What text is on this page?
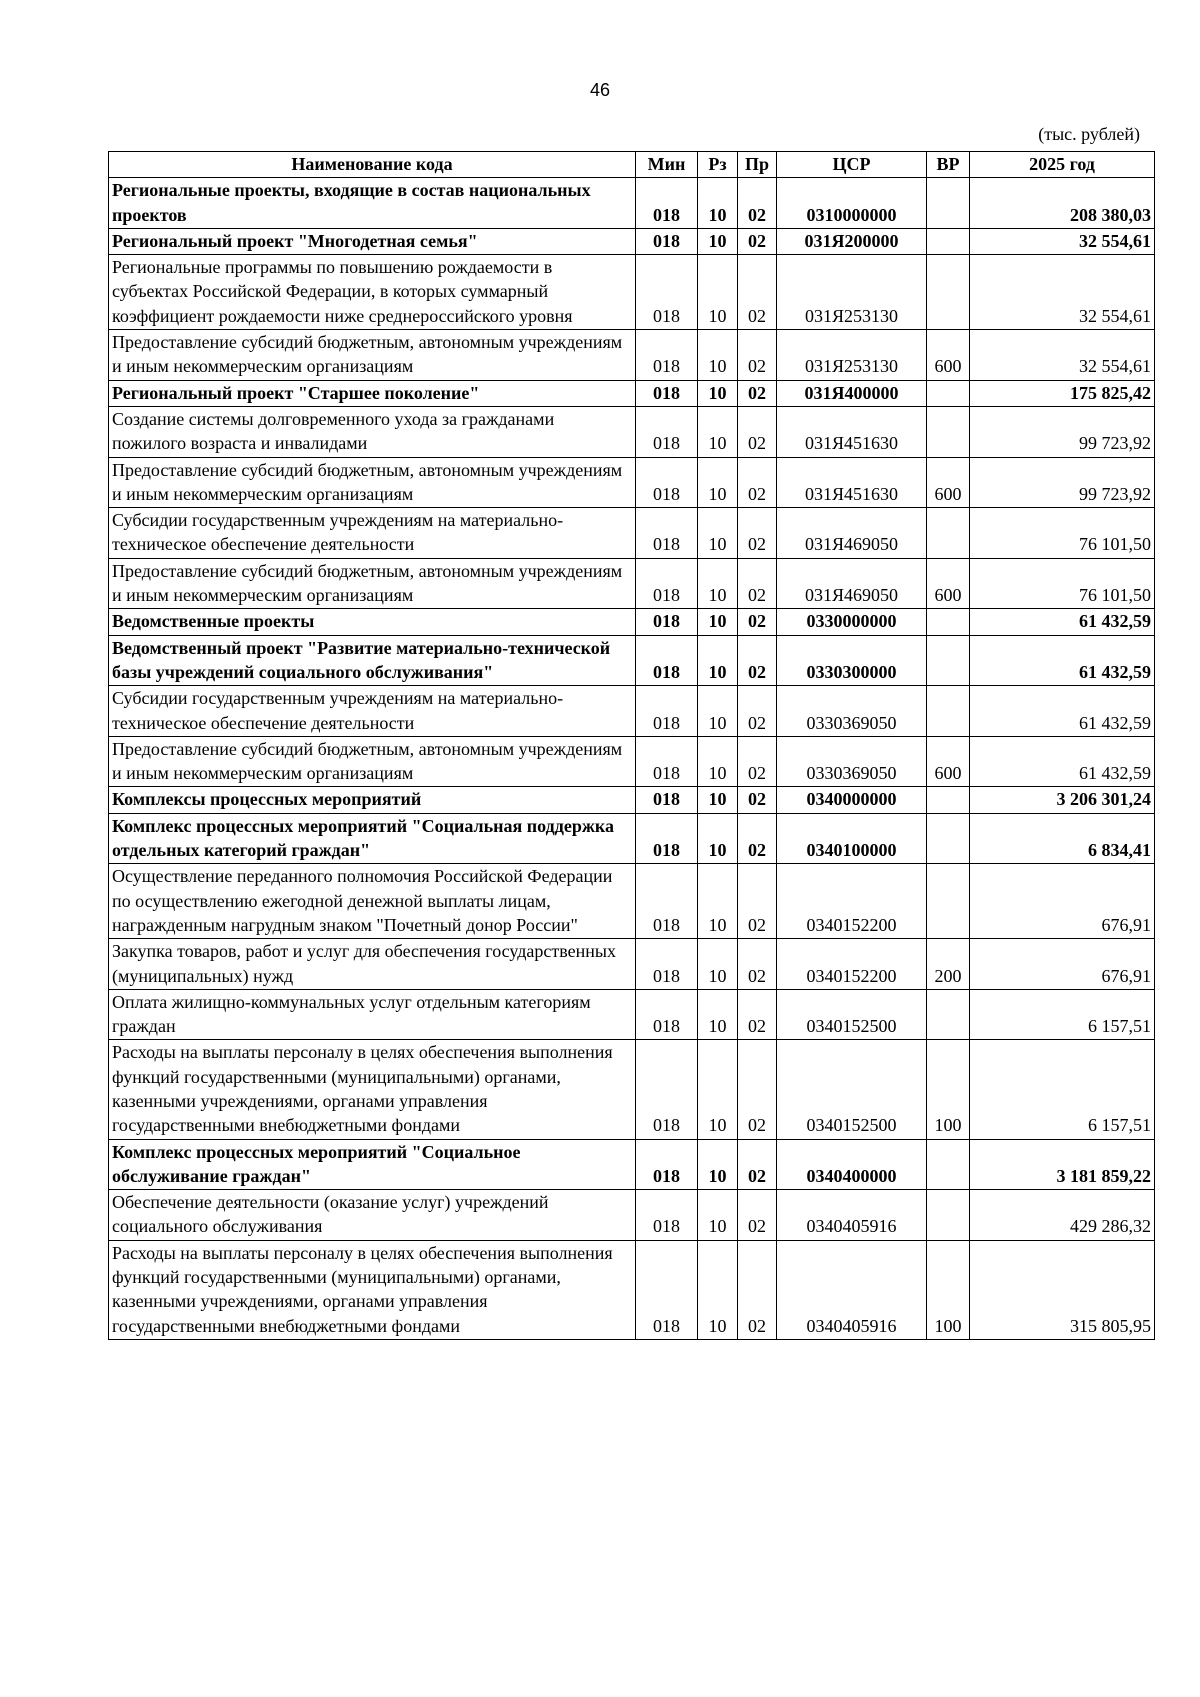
46
(тыс. рублей)
Наименование кода	Мин	Рз	Пр	ЦСР	ВР	2025 год
Региональные проекты, входящие в состав национальных проектов	018	10	02	0310000000		208 380,03
Региональный проект "Многодетная семья"	018	10	02	031Я200000		32 554,61
Региональные программы по повышению рождаемости в субъектах Российской Федерации, в которых суммарный коэффициент рождаемости ниже среднероссийского уровня	018	10	02	031Я253130		32 554,61
Предоставление субсидий бюджетным, автономным учреждениям и иным некоммерческим организациям	018	10	02	031Я253130	600	32 554,61
Региональный проект "Старшее поколение"	018	10	02	031Я400000		175 825,42
Создание системы долговременного ухода за гражданами пожилого возраста и инвалидами	018	10	02	031Я451630		99 723,92
Предоставление субсидий бюджетным, автономным учреждениям и иным некоммерческим организациям	018	10	02	031Я451630	600	99 723,92
Субсидии государственным учреждениям на материально-техническое обеспечение деятельности	018	10	02	031Я469050		76 101,50
Предоставление субсидий бюджетным, автономным учреждениям и иным некоммерческим организациям	018	10	02	031Я469050	600	76 101,50
Ведомственные проекты	018	10	02	0330000000		61 432,59
Ведомственный проект "Развитие материально-технической базы учреждений социального обслуживания"	018	10	02	0330300000		61 432,59
Субсидии государственным учреждениям на материально-техническое обеспечение деятельности	018	10	02	0330369050		61 432,59
Предоставление субсидий бюджетным, автономным учреждениям и иным некоммерческим организациям	018	10	02	0330369050	600	61 432,59
Комплексы процессных мероприятий	018	10	02	0340000000		3 206 301,24
Комплекс процессных мероприятий "Социальная поддержка отдельных категорий граждан"	018	10	02	0340100000		6 834,41
Осуществление переданного полномочия Российской Федерации по осуществлению ежегодной денежной выплаты лицам, награжденным нагрудным знаком "Почетный донор России"	018	10	02	0340152200		676,91
Закупка товаров, работ и услуг для обеспечения государственных (муниципальных) нужд	018	10	02	0340152200	200	676,91
Оплата жилищно-коммунальных услуг отдельным категориям граждан	018	10	02	0340152500		6 157,51
Расходы на выплаты персоналу в целях обеспечения выполнения функций государственными (муниципальными) органами, казенными учреждениями, органами управления государственными внебюджетными фондами	018	10	02	0340152500	100	6 157,51
Комплекс процессных мероприятий "Социальное обслуживание граждан"	018	10	02	0340400000		3 181 859,22
Обеспечение деятельности (оказание услуг) учреждений социального обслуживания	018	10	02	0340405916		429 286,32
Расходы на выплаты персоналу в целях обеспечения выполнения функций государственными (муниципальными) органами, казенными учреждениями, органами управления государственными внебюджетными фондами	018	10	02	0340405916	100	315 805,95
